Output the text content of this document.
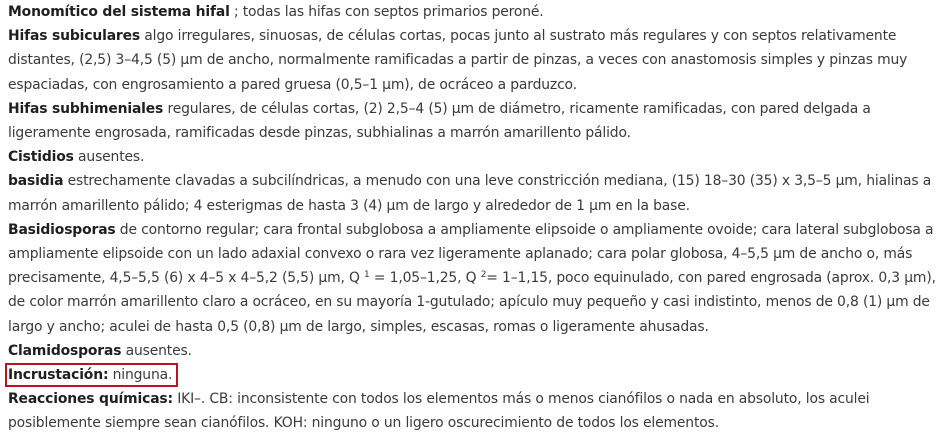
Monomítico del sistema hifal ; todas las hifas con septos primarios peroné.

Hifas subiculares algo irregulares, sinuosas, de células cortas, pocas junto al sustrato más regulares y con septos relativamente distantes, (2,5) 3–4,5 (5) µm de ancho, normalmente ramificadas a partir de pinzas, a veces con anastomosis simples y pinzas muy espaciadas, con engrosamiento a pared gruesa (0,5–1 µm), de ocráceo a parduzco.

Hifas subhimeniales regulares, de células cortas, (2) 2,5–4 (5) µm de diámetro, ricamente ramificadas, con pared delgada a ligeramente engrosada, ramificadas desde pinzas, subhialinas a marrón amarillento pálido.

Cistidios ausentes.

basidia estrechamente clavadas a subcilíndricas, a menudo con una leve constricción mediana, (15) 18–30 (35) x 3,5–5 µm, hialinas a marrón amarillento pálido; 4 esterigmas de hasta 3 (4) µm de largo y alrededor de 1 µm en la base.

Basidiosporas de contorno regular; cara frontal subglobosa a ampliamente elipsoide o ampliamente ovoide; cara lateral subglobosa a ampliamente elipsoide con un lado adaxial convexo o rara vez ligeramente aplanado; cara polar globosa, 4–5,5 µm de ancho o, más precisamente, 4,5–5,5 (6) x 4–5 x 4–5,2 (5,5) µm, Q $^1$ = 1,05–1,25, Q $^2$= 1–1,15, poco equinulado, con pared engrosada (aprox. 0,3 µm), de color marrón amarillento claro a ocráceo, en su mayoría 1-gutulado; apículo muy pequeño y casi indistinto, menos de 0,8 (1) µm de largo y ancho; aculei de hasta 0,5 (0,8) µm de largo, simples, escasas, romas o ligeramente ahusadas.

Clamidosporas ausentes.

Incrustación: ninguna.

Reacciones químicas: IKI–. CB: inconsistente con todos los elementos más o menos cianófilos o nada en absoluto, los aculei posiblemente siempre sean cianófilos. KOH: ninguno o un ligero oscurecimiento de todos los elementos.
